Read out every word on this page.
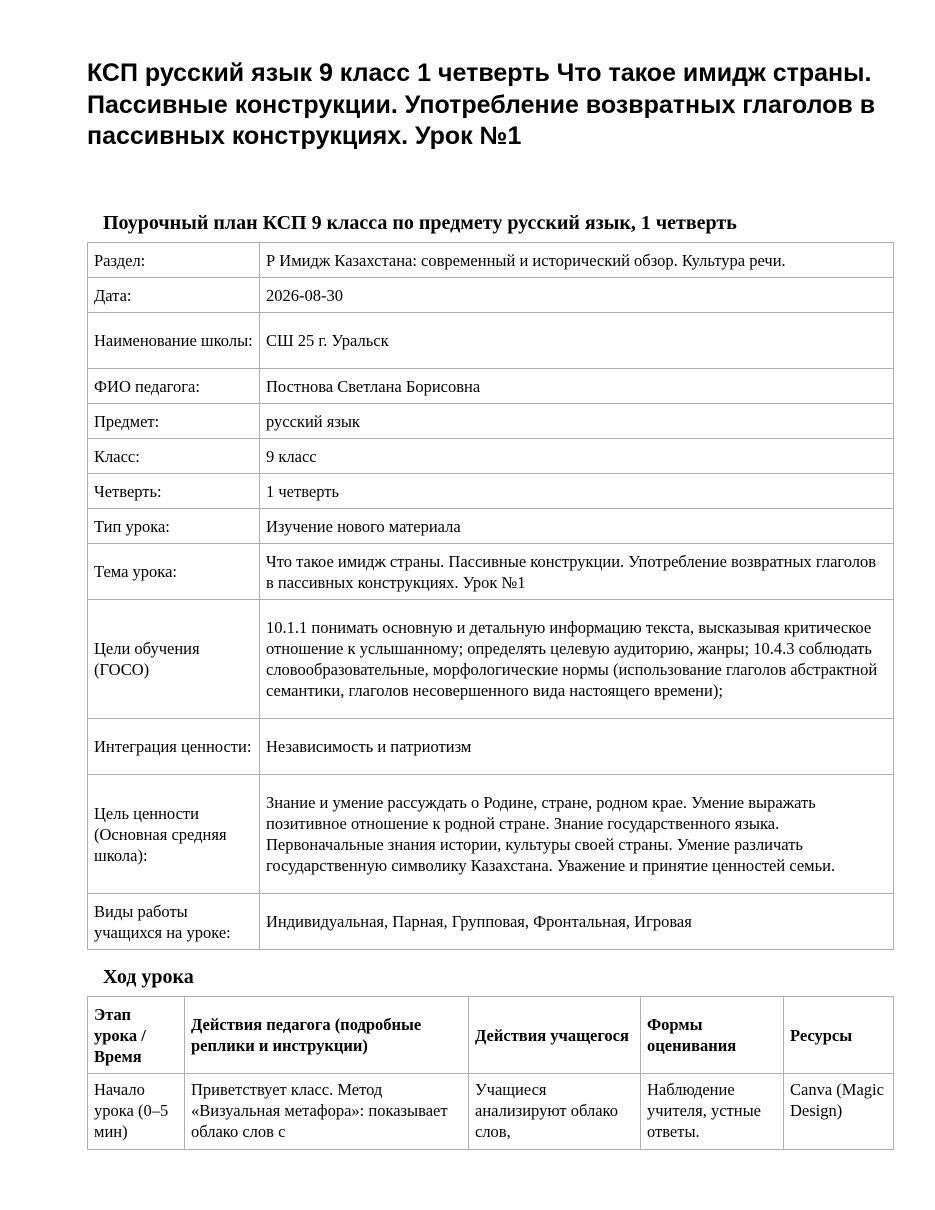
КСП русский язык 9 класс 1 четверть Что такое имидж страны. Пассивные конструкции. Употребление возвратных глаголов в пассивных конструкциях. Урок №1
Поурочный план КСП 9 класса по предмету русский язык, 1 четверть
Раздел:	Р Имидж Казахстана: современный и исторический обзор. Культура речи.
Дата:	2026-08-30
Наименование школы:	СШ 25 г. Уральск
ФИО педагога:	Постнова Светлана Борисовна
Предмет:	русский язык
Класс:	9 класс
Четверть:	1 четверть
Тип урока:	Изучение нового материала
Тема урока:	Что такое имидж страны. Пассивные конструкции. Употребление возвратных глаголов в пассивных конструкциях. Урок №1
Цели обучения (ГОСО)	10.1.1 понимать основную и детальную информацию текста, высказывая критическое отношение к услышанному; определять целевую аудиторию, жанры; 10.4.3 соблюдать словообразовательные, морфологические нормы (использование глаголов абстрактной семантики, глаголов несовершенного вида настоящего времени);
Интеграция ценности:	Независимость и патриотизм
Цель ценности (Основная средняя школа):	Знание и умение рассуждать о Родине, стране, родном крае. Умение выражать позитивное отношение к родной стране. Знание государственного языка. Первоначальные знания истории, культуры своей страны. Умение различать государственную символику Казахстана. Уважение и принятие ценностей семьи.
Виды работы учащихся на уроке:	Индивидуальная, Парная, Групповая, Фронтальная, Игровая
Ход урока
Этап урока / Время	Действия педагога (подробные реплики и инструкции)	Действия учащегося	Формы оценивания	Ресурсы
Начало урока (0–5 мин)	Приветствует класс. Метод «Визуальная метафора»: показывает облако слов с	Учащиеся анализируют облако слов,	Наблюдение учителя, устные ответы.	Canva (Magic Design)
